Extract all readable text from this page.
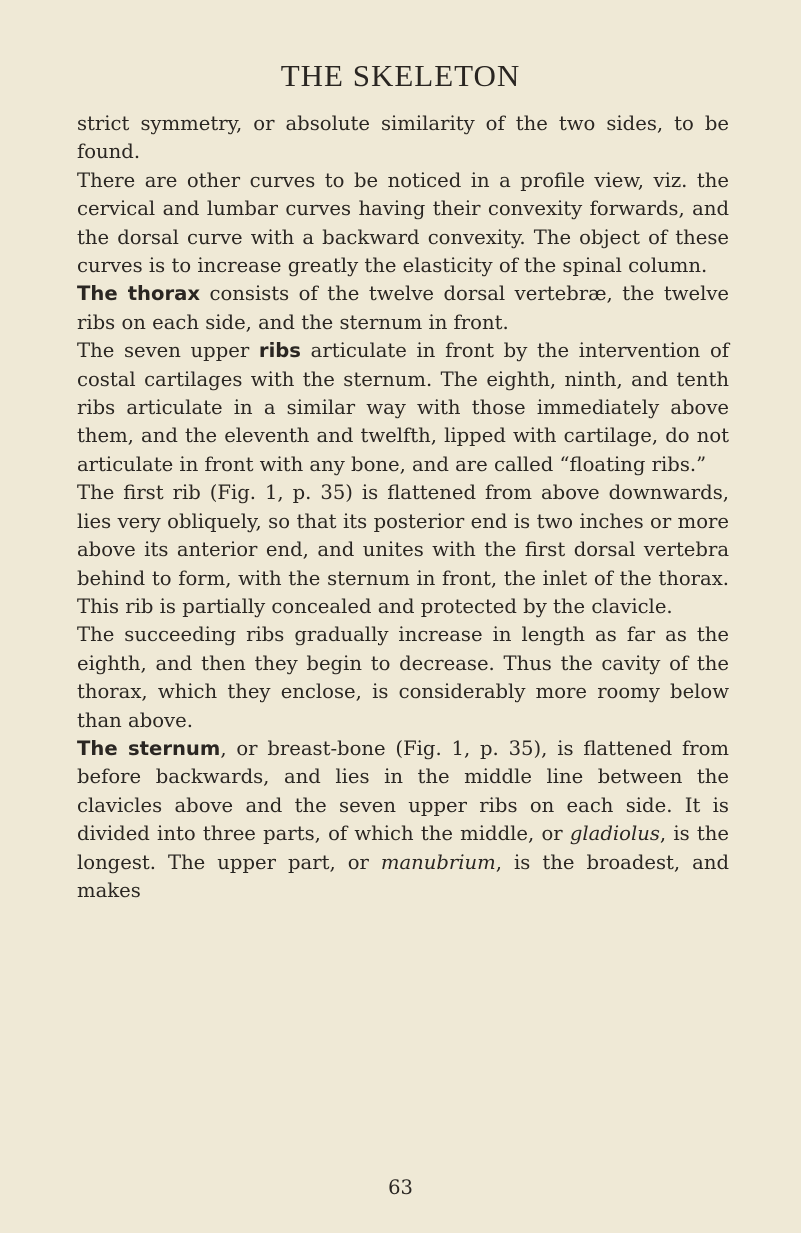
THE SKELETON

strict symmetry, or absolute similarity of the two sides, to be found.

There are other curves to be noticed in a profile view, viz. the cervical and lumbar curves having their convexity forwards, and the dorsal curve with a backward convexity. The object of these curves is to increase greatly the elasticity of the spinal column.

The thorax consists of the twelve dorsal vertebræ, the twelve ribs on each side, and the sternum in front.

The seven upper ribs articulate in front by the intervention of costal cartilages with the sternum. The eighth, ninth, and tenth ribs articulate in a similar way with those immediately above them, and the eleventh and twelfth, lipped with cartilage, do not articulate in front with any bone, and are called “floating ribs.”

The first rib (Fig. 1, p. 35) is flattened from above downwards, lies very obliquely, so that its posterior end is two inches or more above its anterior end, and unites with the first dorsal vertebra behind to form, with the sternum in front, the inlet of the thorax. This rib is partially concealed and protected by the clavicle.

The succeeding ribs gradually increase in length as far as the eighth, and then they begin to decrease. Thus the cavity of the thorax, which they enclose, is considerably more roomy below than above.

The sternum, or breast-bone (Fig. 1, p. 35), is flattened from before backwards, and lies in the middle line between the clavicles above and the seven upper ribs on each side. It is divided into three parts, of which the middle, or gladiolus, is the longest. The upper part, or manubrium, is the broadest, and makes

63
